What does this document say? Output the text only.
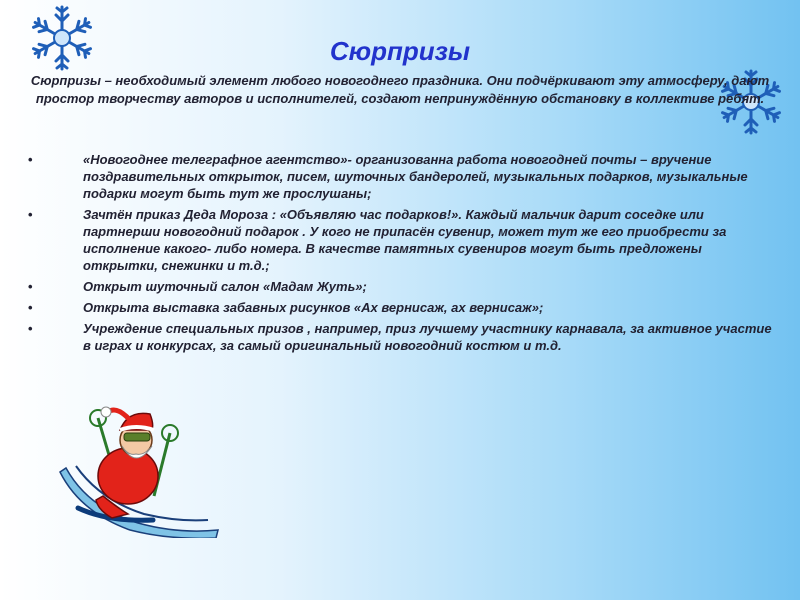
Сюрпризы
Сюрпризы – необходимый элемент любого новогоднего праздника. Они подчёркивают эту атмосферу, дают простор творчеству авторов и исполнителей, создают непринуждённую обстановку в коллективе ребят.
•	«Новогоднее телеграфное агентство»- организованна работа новогодней почты – вручение поздравительных открыток, писем, шуточных бандеролей, музыкальных подарков, музыкальные подарки могут быть тут же прослушаны;
•	Зачтён приказ Деда Мороза : «Объявляю час подарков!». Каждый мальчик дарит соседке или партнерши новогодний подарок . У кого не припасён сувенир, может тут же его приобрести за исполнение какого- либо номера. В качестве памятных сувениров могут быть предложены открытки, снежинки и т.д.;
•	Открыт шуточный салон «Мадам Жуть»;
•	Открыта выставка забавных рисунков «Ах вернисаж, ах вернисаж»;
•	Учреждение специальных призов , например, приз лучшему участнику карнавала, за активное участие в играх и конкурсах, за самый оригинальный новогодний костюм и т.д.
